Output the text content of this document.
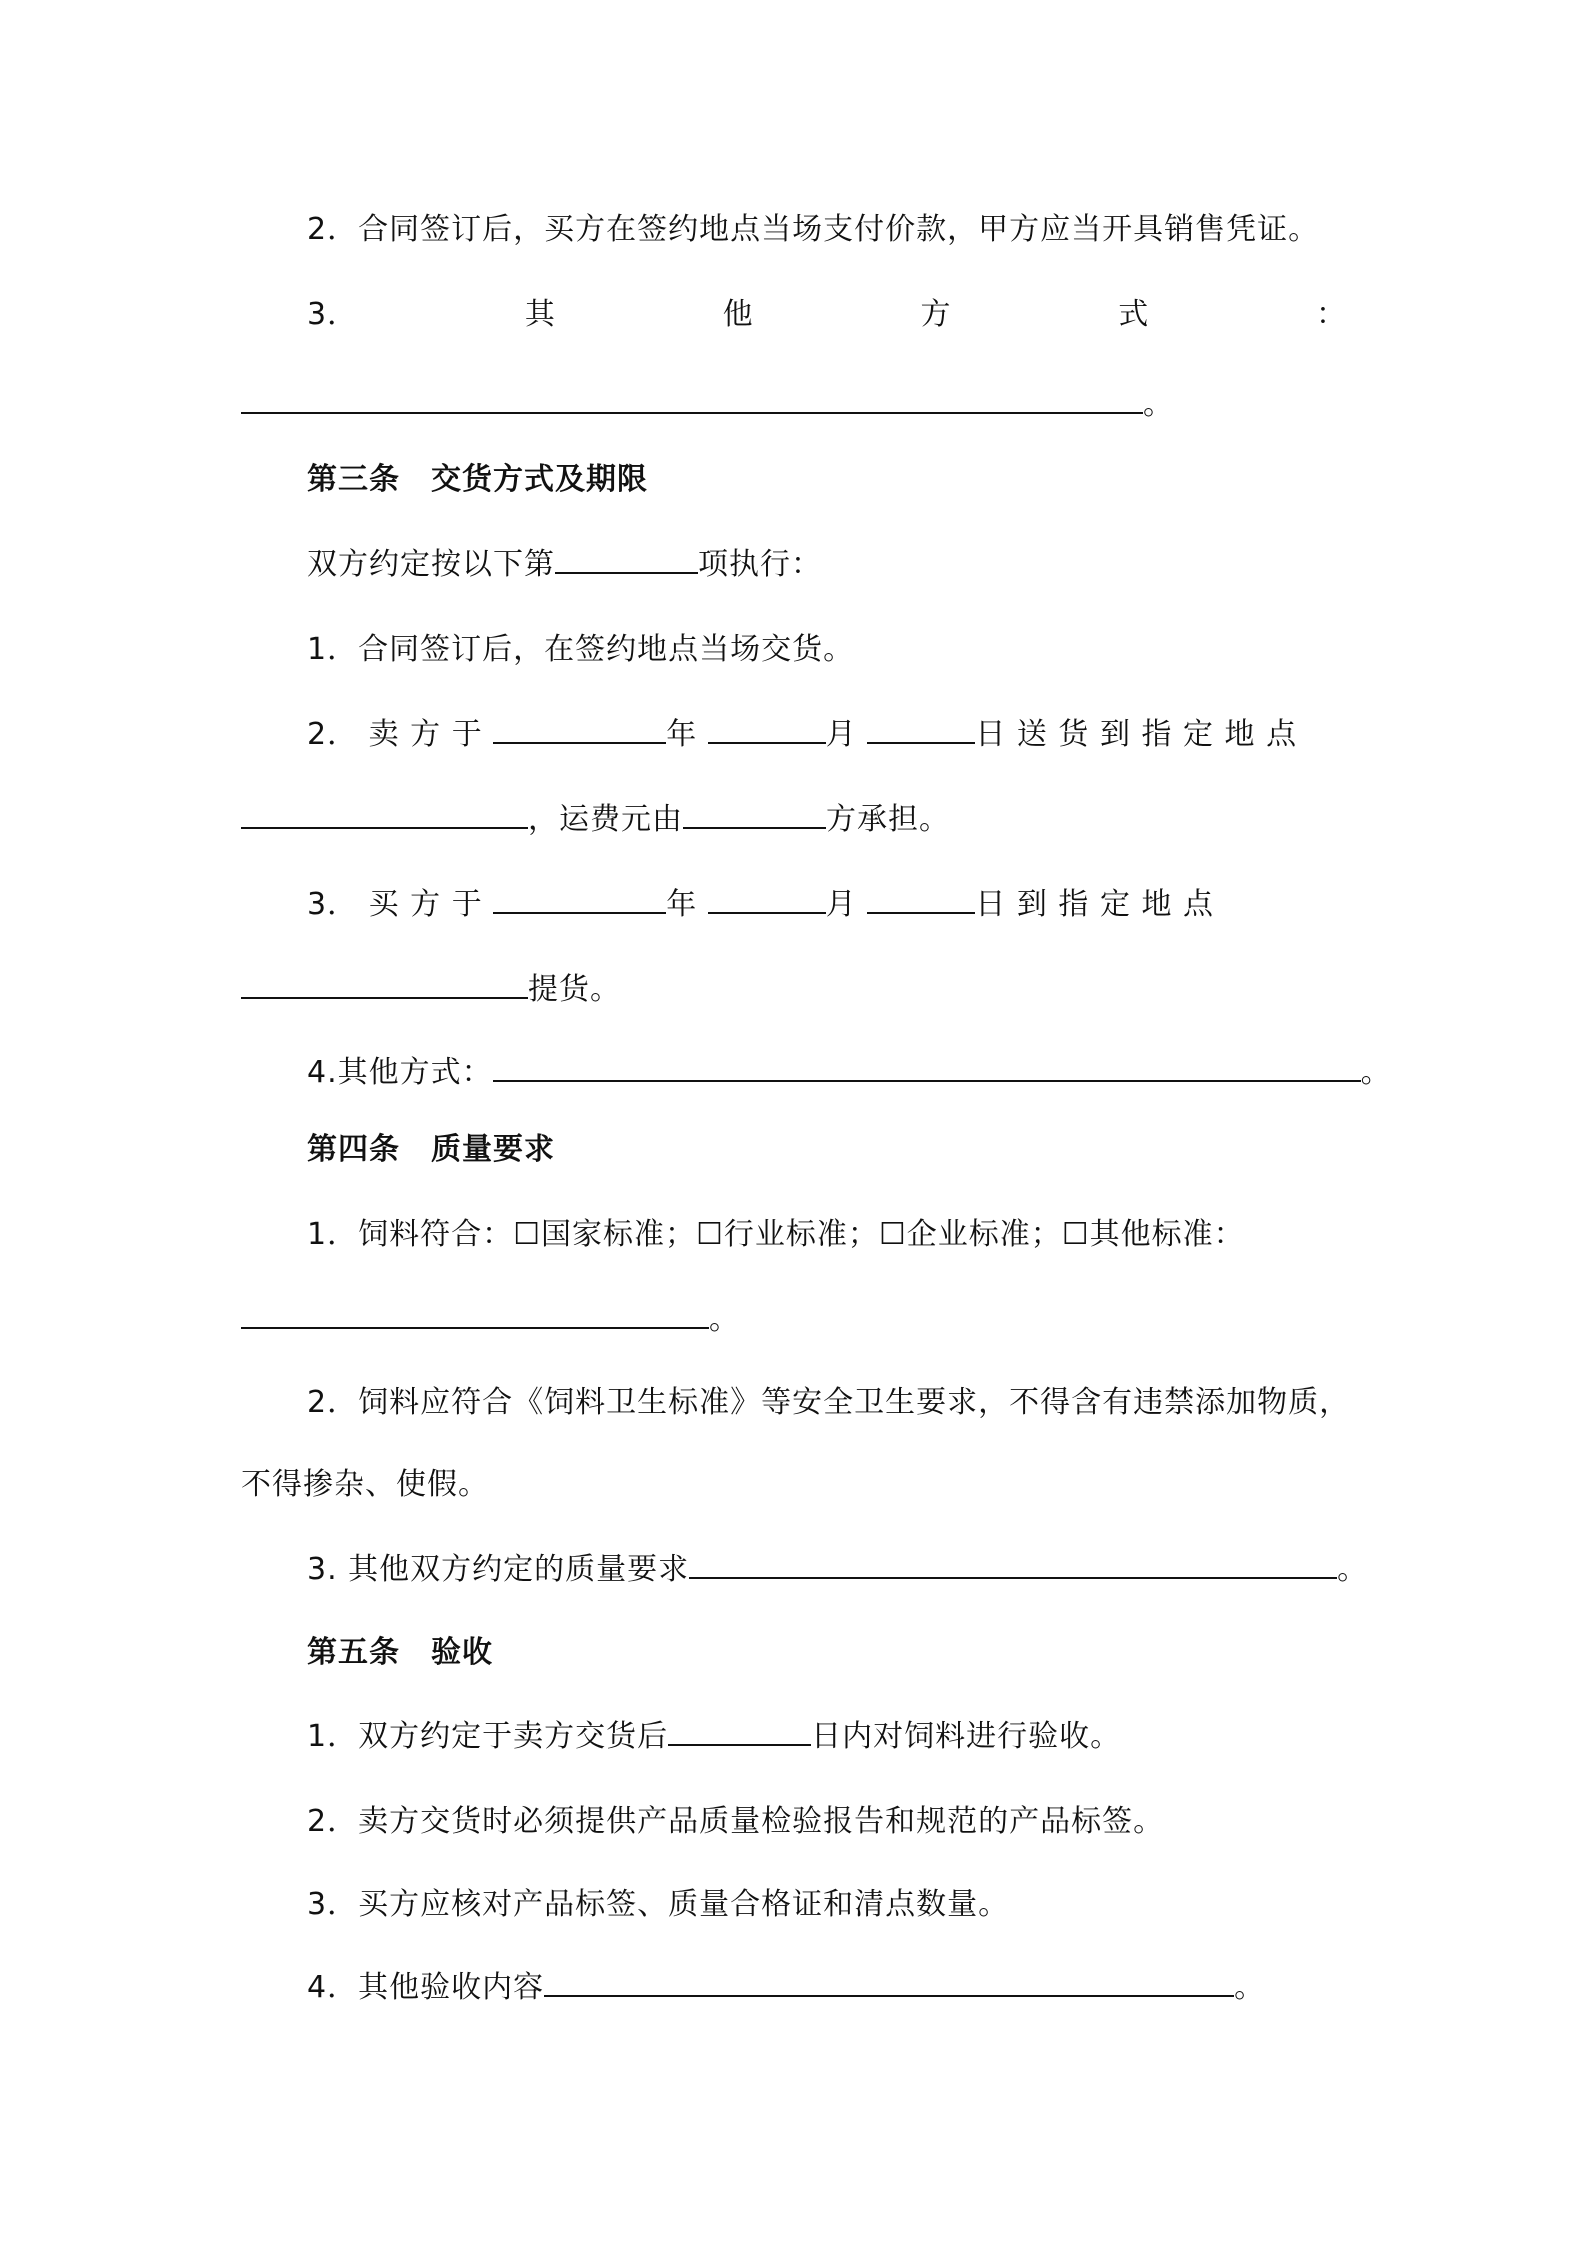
2．合同签订后，买方在签约地点当场支付价款，甲方应当开具销售凭证。
3．	其	他	方	式	：
。
第三条　交货方式及期限
双方约定按以下第	项执行：
1．合同签订后，在签约地点当场交货。
2． 卖 方 于	年	月	日 送 货 到 指 定 地 点
，运费元由	方承担。
3． 买 方 于	年	月	日 到 指 定 地 点
提货。
4.其他方式：	。
第四条　质量要求
1．饲料符合：☐国家标准；☐行业标准；☐企业标准；☐其他标准：
。
2．饲料应符合《饲料卫生标准》等安全卫生要求，不得含有违禁添加物质，
不得掺杂、使假。
3. 其他双方约定的质量要求	。
第五条　验收
1．双方约定于卖方交货后	日内对饲料进行验收。
2．卖方交货时必须提供产品质量检验报告和规范的产品标签。
3．买方应核对产品标签、质量合格证和清点数量。
4．其他验收内容	。
